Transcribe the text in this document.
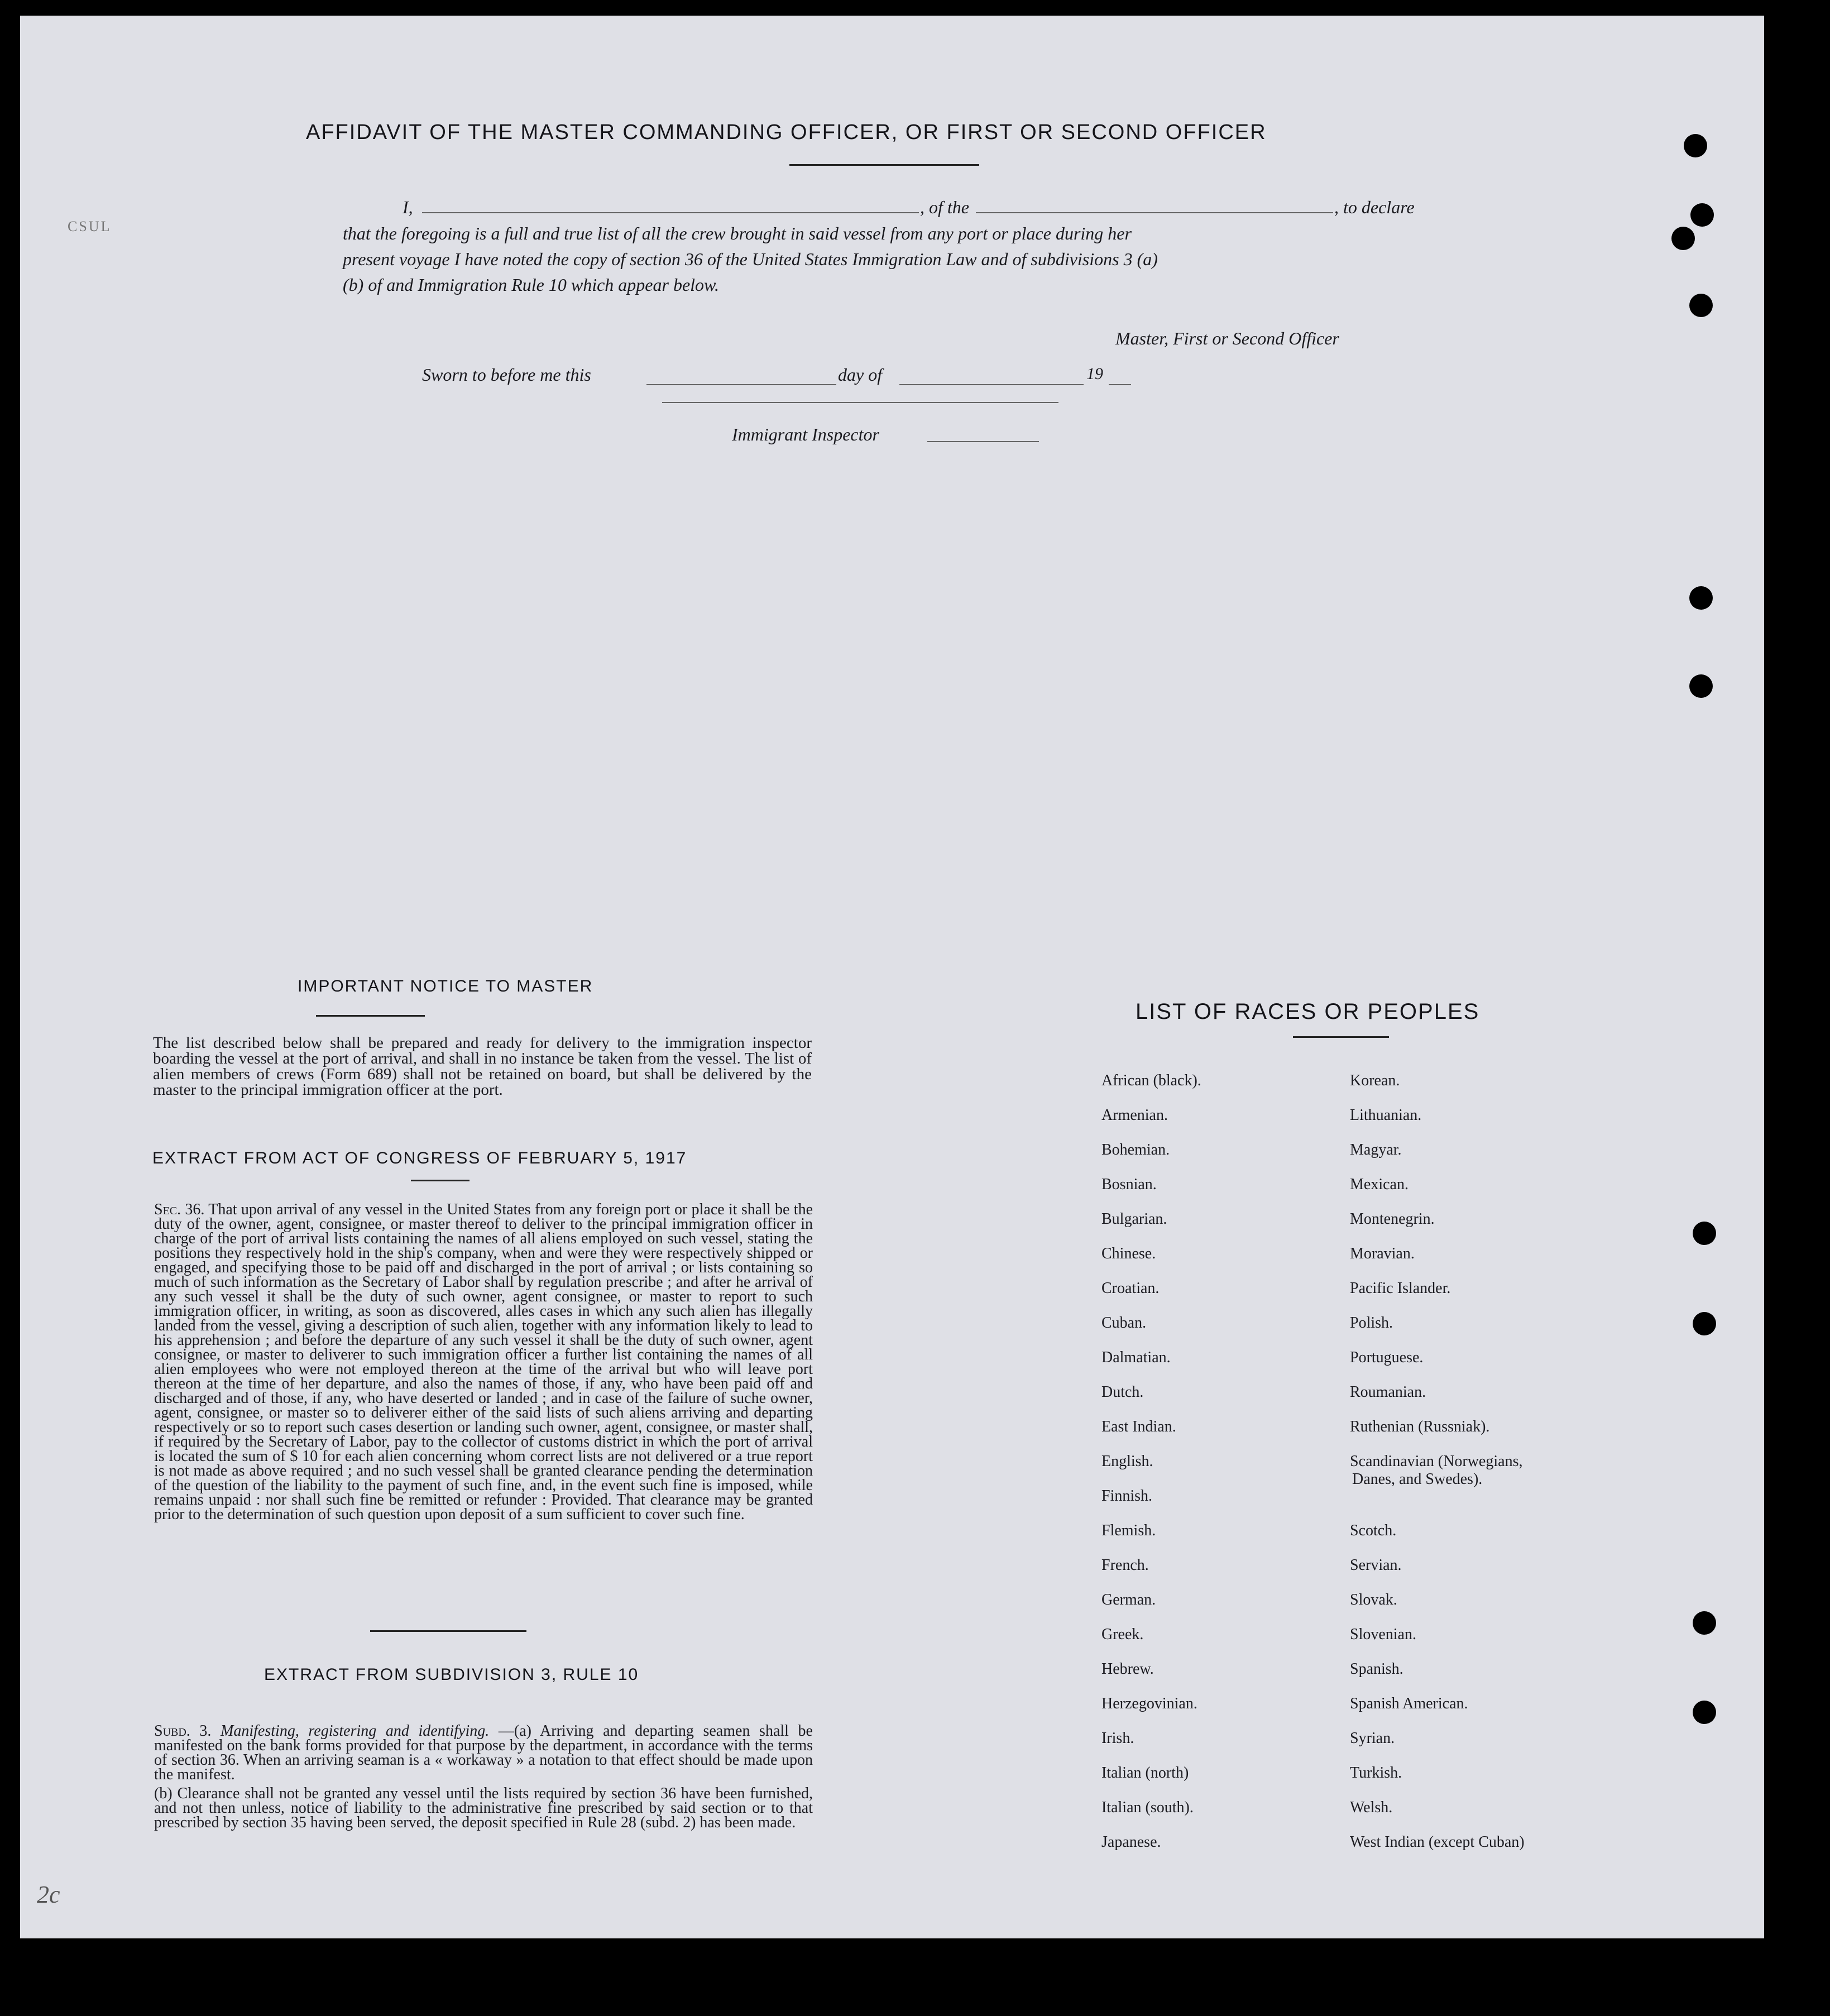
CSUL
2c
AFFIDAVIT OF THE MASTER COMMANDING OFFICER, OR FIRST OR SECOND OFFICER
I,	, of the	, to declare
that the foregoing is a full and true list of all the crew brought in said vessel from any port or place during her
present voyage I have noted the copy of section 36 of the United States Immigration Law and of subdivisions 3 (a)
(b) of and Immigration Rule 10 which appear below.
Master, First or Second Officer
Sworn to before me this	day of	19
Immigrant Inspector
IMPORTANT NOTICE TO MASTER
The list described below shall be prepared and ready for delivery to the immigration inspector boarding the vessel at the port of arrival, and shall in no instance be taken from the vessel. The list of alien members of crews (Form 689) shall not be retained on board, but shall be delivered by the master to the principal immigration officer at the port.
EXTRACT FROM ACT OF CONGRESS OF FEBRUARY 5, 1917
Sec. 36. That upon arrival of any vessel in the United States from any foreign port or place it shall be the duty of the owner, agent, consignee, or master thereof to deliver to the principal immigration officer in charge of the port of arrival lists containing the names of all aliens employed on such vessel, stating the positions they respectively hold in the ship's company, when and were they were respectively shipped or engaged, and specifying those to be paid off and discharged in the port of arrival ; or lists containing so much of such information as the Secretary of Labor shall by regulation prescribe ; and after he arrival of any such vessel it shall be the duty of such owner, agent consignee, or master to report to such immigration officer, in writing, as soon as discovered, alles cases in which any such alien has illegally landed from the vessel, giving a description of such alien, together with any information likely to lead to his apprehension ; and before the departure of any such vessel it shall be the duty of such owner, agent consignee, or master to deliverer to such immigration officer a further list containing the names of all alien employees who were not employed thereon at the time of the arrival but who will leave port thereon at the time of her departure, and also the names of those, if any, who have been paid off and discharged and of those, if any, who have deserted or landed ; and in case of the failure of suche owner, agent, consignee, or master so to deliverer either of the said lists of such aliens arriving and departing respectively or so to report such cases desertion or landing such owner, agent, consignee, or master shall, if required by the Secretary of Labor, pay to the collector of customs district in which the port of arrival is located the sum of $ 10 for each alien concerning whom correct lists are not delivered or a true report is not made as above required ; and no such vessel shall be granted clearance pending the determination of the question of the liability to the payment of such fine, and, in the event such fine is imposed, while remains unpaid : nor shall such fine be remitted or refunder : Provided. That clearance may be granted prior to the determination of such question upon deposit of a sum sufficient to cover such fine.
EXTRACT FROM SUBDIVISION 3, RULE 10
Subd. 3. Manifesting, registering and identifying. —(a) Arriving and departing seamen shall be manifested on the bank forms provided for that purpose by the department, in accordance with the terms of section 36. When an arriving seaman is a « workaway » a notation to that effect should be made upon the manifest.
(b) Clearance shall not be granted any vessel until the lists required by section 36 have been furnished, and not then unless, notice of liability to the administrative fine prescribed by said section or to that prescribed by section 35 having been served, the deposit specified in Rule 28 (subd. 2) has been made.
LIST OF RACES OR PEOPLES
African (black).
Armenian.
Bohemian.
Bosnian.
Bulgarian.
Chinese.
Croatian.
Cuban.
Dalmatian.
Dutch.
East Indian.
English.
Finnish.
Flemish.
French.
German.
Greek.
Hebrew.
Herzegovinian.
Irish.
Italian (north)
Italian (south).
Japanese.
Korean.
Lithuanian.
Magyar.
Mexican.
Montenegrin.
Moravian.
Pacific Islander.
Polish.
Portuguese.
Roumanian.
Ruthenian (Russniak).
Scandinavian (Norwegians,
Danes, and Swedes).
Scotch.
Servian.
Slovak.
Slovenian.
Spanish.
Spanish American.
Syrian.
Turkish.
Welsh.
West Indian (except Cuban)
